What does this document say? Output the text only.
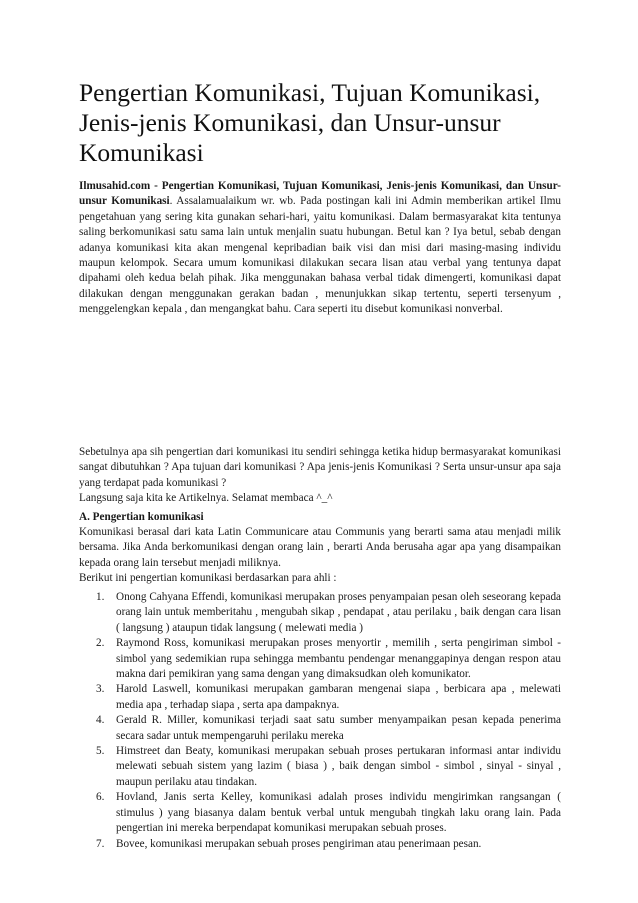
Pengertian Komunikasi, Tujuan Komunikasi, Jenis-jenis Komunikasi, dan Unsur-unsur Komunikasi

Ilmusahid.com - Pengertian Komunikasi, Tujuan Komunikasi, Jenis-jenis Komunikasi, dan Unsur-unsur Komunikasi. Assalamualaikum wr. wb. Pada postingan kali ini Admin memberikan artikel Ilmu pengetahuan yang sering kita gunakan sehari-hari, yaitu komunikasi. Dalam bermasyarakat kita tentunya saling berkomunikasi satu sama lain untuk menjalin suatu hubungan. Betul kan ? Iya betul, sebab dengan adanya komunikasi kita akan mengenal kepribadian baik visi dan misi dari masing-masing individu maupun kelompok. Secara umum komunikasi dilakukan secara lisan atau verbal yang tentunya dapat dipahami oleh kedua belah pihak. Jika menggunakan bahasa verbal tidak dimengerti, komunikasi dapat dilakukan dengan menggunakan gerakan badan , menunjukkan sikap tertentu, seperti tersenyum , menggelengkan kepala , dan mengangkat bahu. Cara seperti itu disebut komunikasi nonverbal.

Sebetulnya apa sih pengertian dari komunikasi itu sendiri sehingga ketika hidup bermasyarakat komunikasi sangat dibutuhkan ? Apa tujuan dari komunikasi ? Apa jenis-jenis Komunikasi ? Serta unsur-unsur apa saja yang terdapat pada komunikasi ?
Langsung saja kita ke Artikelnya. Selamat membaca ^_^

A. Pengertian komunikasi

Komunikasi berasal dari kata Latin Communicare atau Communis yang berarti sama atau menjadi milik bersama. Jika Anda berkomunikasi dengan orang lain , berarti Anda berusaha agar apa yang disampaikan kepada orang lain tersebut menjadi miliknya.
Berikut ini pengertian komunikasi berdasarkan para ahli :

1. Onong Cahyana Effendi, komunikasi merupakan proses penyampaian pesan oleh seseorang kepada orang lain untuk memberitahu , mengubah sikap , pendapat , atau perilaku , baik dengan cara lisan ( langsung ) ataupun tidak langsung ( melewati media )
2. Raymond Ross, komunikasi merupakan proses menyortir , memilih , serta pengiriman simbol - simbol yang sedemikian rupa sehingga membantu pendengar menanggapinya dengan respon atau makna dari pemikiran yang sama dengan yang dimaksudkan oleh komunikator.
3. Harold Laswell, komunikasi merupakan gambaran mengenai siapa , berbicara apa , melewati media apa , terhadap siapa , serta apa dampaknya.
4. Gerald R. Miller, komunikasi terjadi saat satu sumber menyampaikan pesan kepada penerima secara sadar untuk mempengaruhi perilaku mereka
5. Himstreet dan Beaty, komunikasi merupakan sebuah proses pertukaran informasi antar individu melewati sebuah sistem yang lazim ( biasa ) , baik dengan simbol - simbol , sinyal - sinyal , maupun perilaku atau tindakan.
6. Hovland, Janis serta Kelley, komunikasi adalah proses individu mengirimkan rangsangan ( stimulus ) yang biasanya dalam bentuk verbal untuk mengubah tingkah laku orang lain. Pada pengertian ini mereka berpendapat komunikasi merupakan sebuah proses.
7. Bovee, komunikasi merupakan sebuah proses pengiriman atau penerimaan pesan.
